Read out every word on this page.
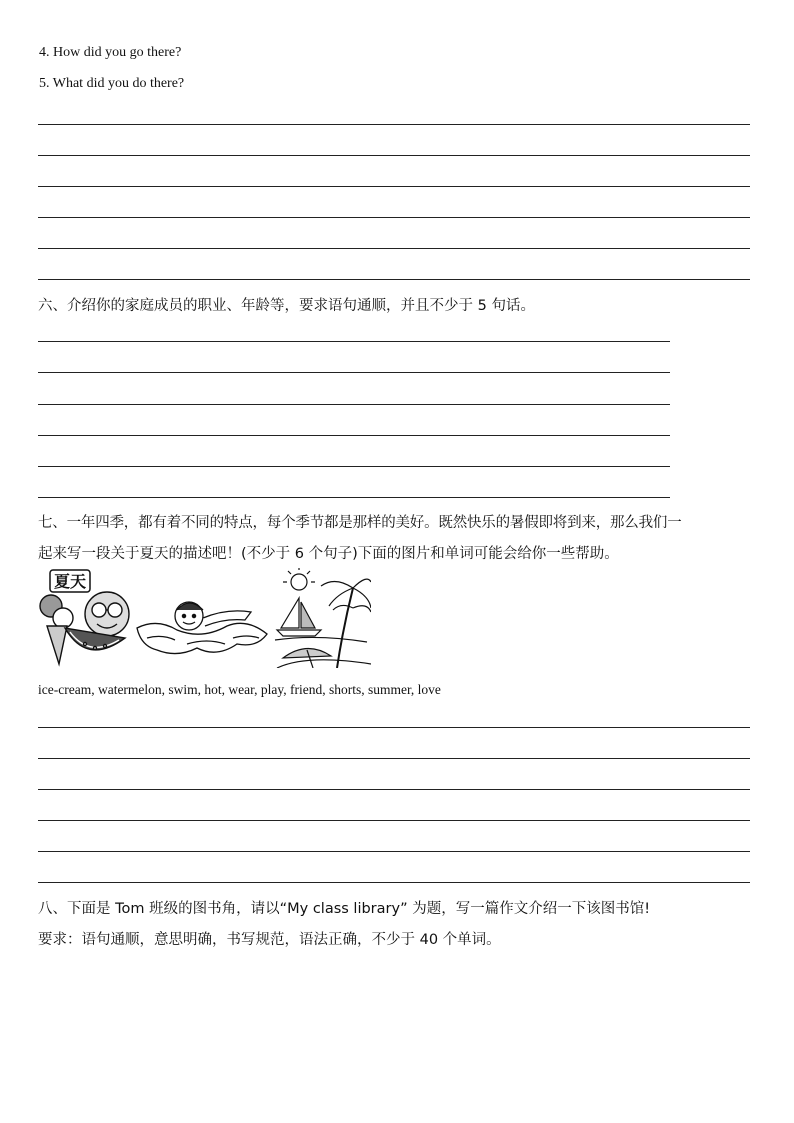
4. How did you go there?
5. What did you do there?
六、介绍你的家庭成员的职业、年龄等，要求语句通顺，并且不少于 5 句话。
七、一年四季，都有着不同的特点，每个季节都是那样的美好。既然快乐的暑假即将到来，那么我们一
起来写一段关于夏天的描述吧！(不少于 6 个句子)下面的图片和单词可能会给你一些帮助。
夏天
ice-cream, watermelon, swim, hot, wear, play, friend, shorts, summer, love
八、下面是 Tom 班级的图书角，请以“My class library” 为题，写一篇作文介绍一下该图书馆!
要求：语句通顺，意思明确，书写规范，语法正确，不少于 40 个单词。
